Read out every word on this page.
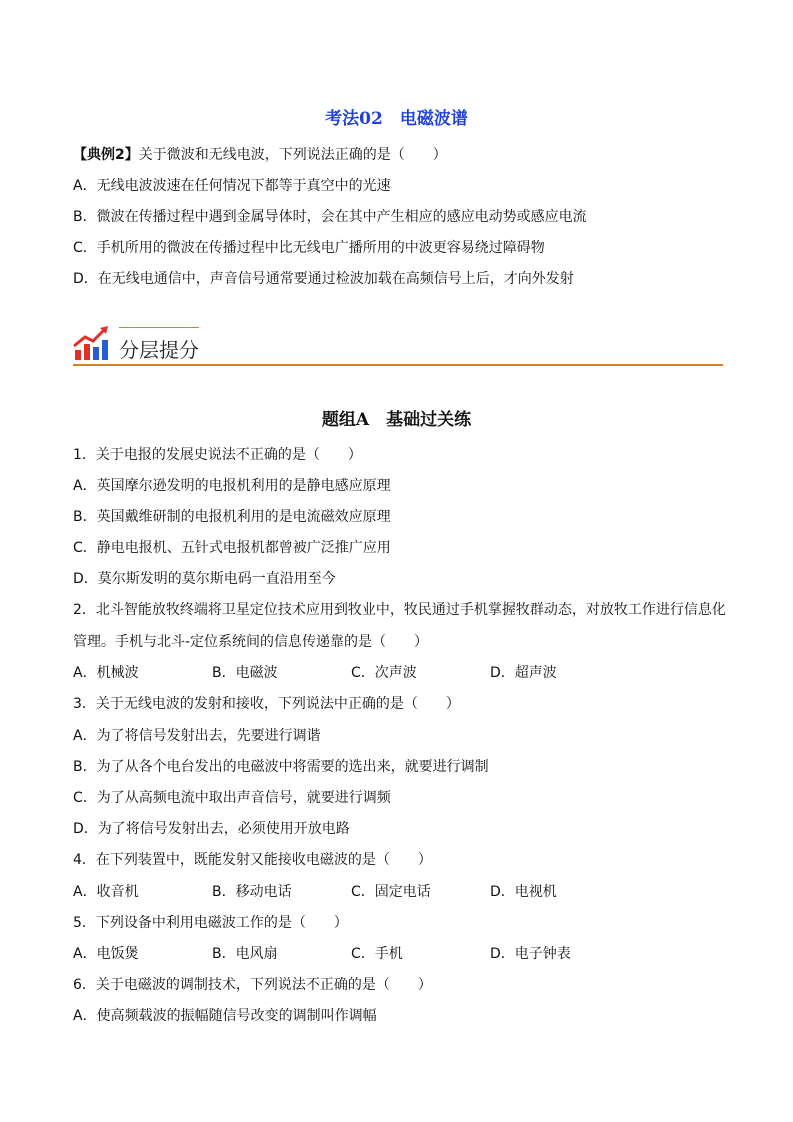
考法02　电磁波谱
【典例2】关于微波和无线电波，下列说法正确的是（　　）
A．无线电波波速在任何情况下都等于真空中的光速
B．微波在传播过程中遇到金属导体时，会在其中产生相应的感应电动势或感应电流
C．手机所用的微波在传播过程中比无线电广播所用的中波更容易绕过障碍物
D．在无线电通信中，声音信号通常要通过检波加载在高频信号上后，才向外发射
分层提分
题组A　基础过关练
1．关于电报的发展史说法不正确的是（　　）
A．英国摩尔逊发明的电报机利用的是静电感应原理
B．英国戴维研制的电报机利用的是电流磁效应原理
C．静电电报机、五针式电报机都曾被广泛推广应用
D．莫尔斯发明的莫尔斯电码一直沿用至今
2．北斗智能放牧终端将卫星定位技术应用到牧业中，牧民通过手机掌握牧群动态，对放牧工作进行信息化
管理。手机与北斗-定位系统间的信息传递靠的是（　　）
A．机械波	B．电磁波	C．次声波	D．超声波
3．关于无线电波的发射和接收，下列说法中正确的是（　　）
A．为了将信号发射出去，先要进行调谐
B．为了从各个电台发出的电磁波中将需要的选出来，就要进行调制
C．为了从高频电流中取出声音信号，就要进行调频
D．为了将信号发射出去，必须使用开放电路
4．在下列装置中，既能发射又能接收电磁波的是（　　）
A．收音机	B．移动电话	C．固定电话	D．电视机
5．下列设备中利用电磁波工作的是（　　）
A．电饭煲	B．电风扇	C．手机	D．电子钟表
6．关于电磁波的调制技术，下列说法不正确的是（　　）
A．使高频载波的振幅随信号改变的调制叫作调幅
